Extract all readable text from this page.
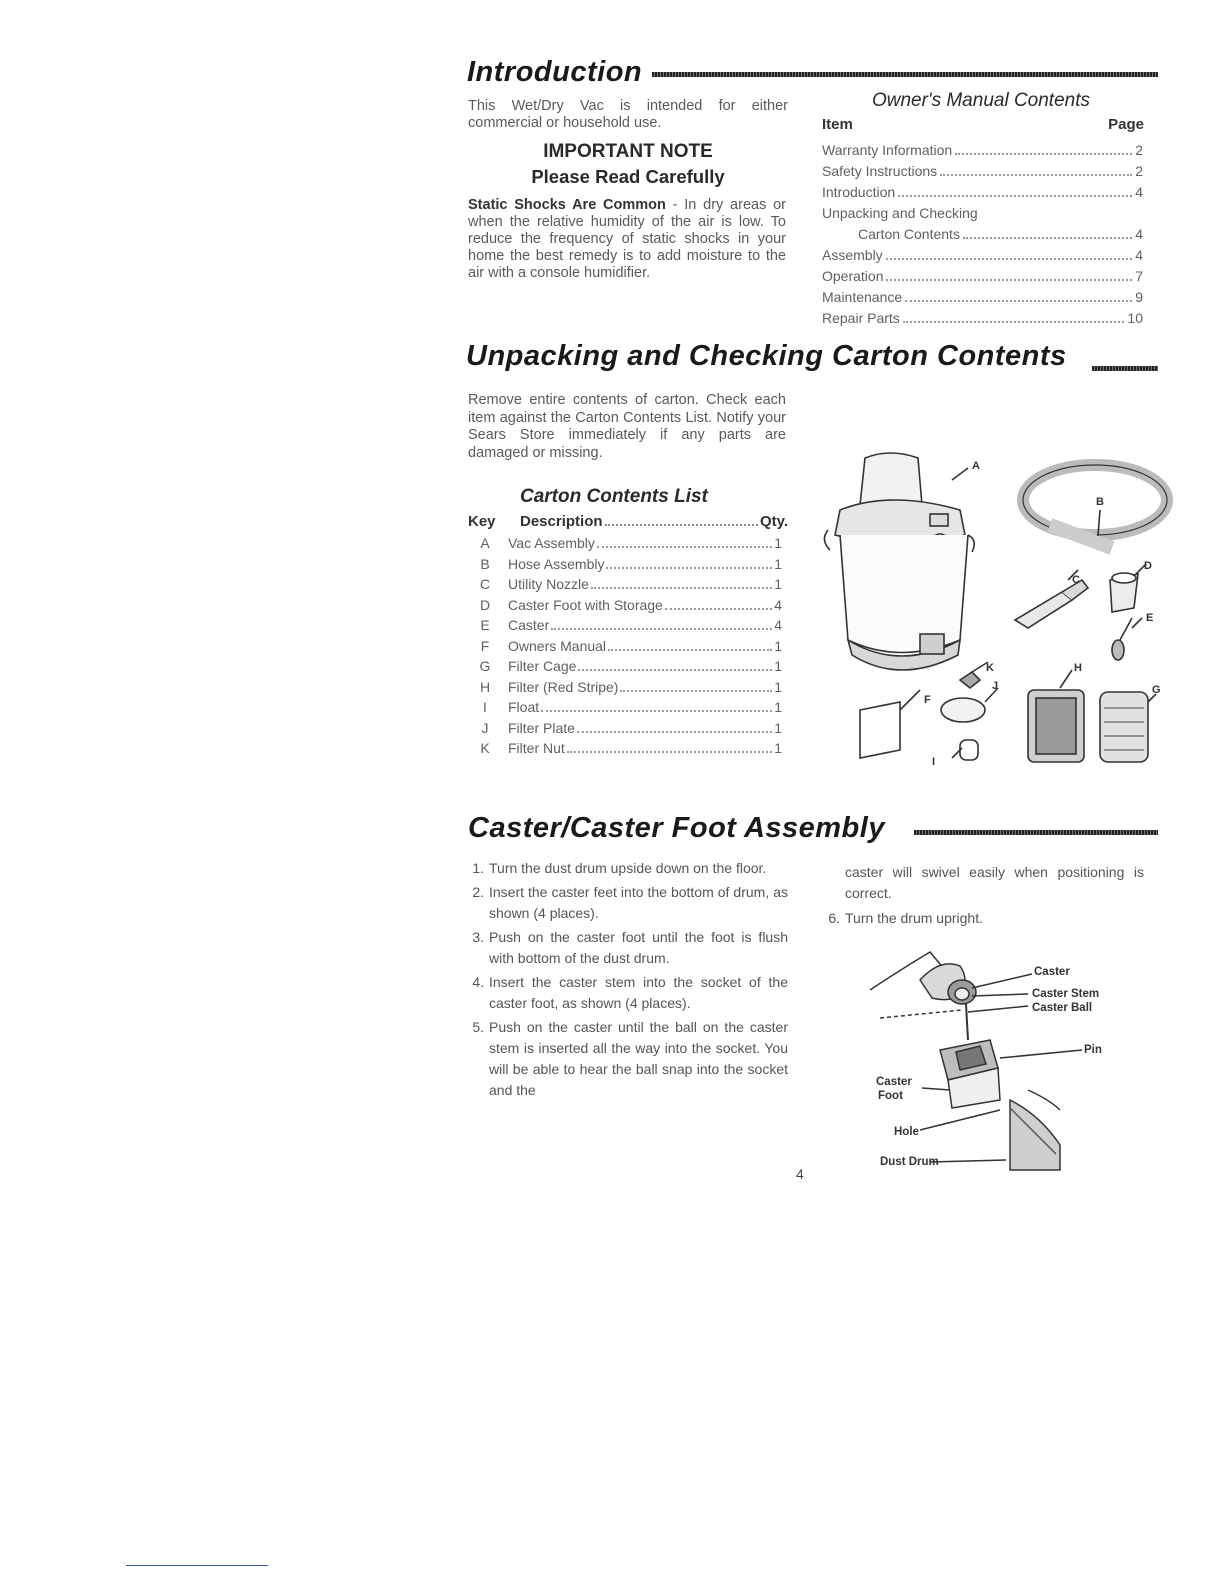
Introduction
This Wet/Dry Vac is intended for either commercial or household use.
IMPORTANT NOTE
Please Read Carefully
Static Shocks Are Common - In dry areas or when the relative humidity of the air is low. To reduce the frequency of static shocks in your home the best remedy is to add moisture to the air with a console humidifier.
Owner's Manual Contents
Item	Page
Warranty Information	2
Safety Instructions	2
Introduction	4
Unpacking and Checking
Carton Contents	4
Assembly	4
Operation	7
Maintenance	9
Repair Parts	10
Unpacking and Checking Carton Contents
Remove entire contents of carton. Check each item against the Carton Contents List. Notify your Sears Store immediately if any parts are damaged or missing.
Carton Contents List
Key	Description	Qty.
A	Vac Assembly	1
B	Hose Assembly	1
C	Utility Nozzle	1
D	Caster Foot with Storage	4
E	Caster	4
F	Owners Manual	1
G	Filter Cage	1
H	Filter (Red Stripe)	1
I	Float	1
J	Filter Plate	1
K	Filter Nut	1
A
B
C
D
E
F
G
H
I
J
K
Caster/Caster Foot Assembly
1. Turn the dust drum upside down on the floor.
2. Insert the caster feet into the bottom of drum, as shown (4 places).
3. Push on the caster foot until the foot is flush with bottom of the dust drum.
4. Insert the caster stem into the socket of the caster foot, as shown (4 places).
5. Push on the caster until the ball on the caster stem is inserted all the way into the socket. You will be able to hear the ball snap into the socket and the
caster will swivel easily when positioning is correct.
6. Turn the drum upright.
Caster
Caster Stem
Caster Ball
Pin
Caster
Foot
Hole
Dust Drum
4
